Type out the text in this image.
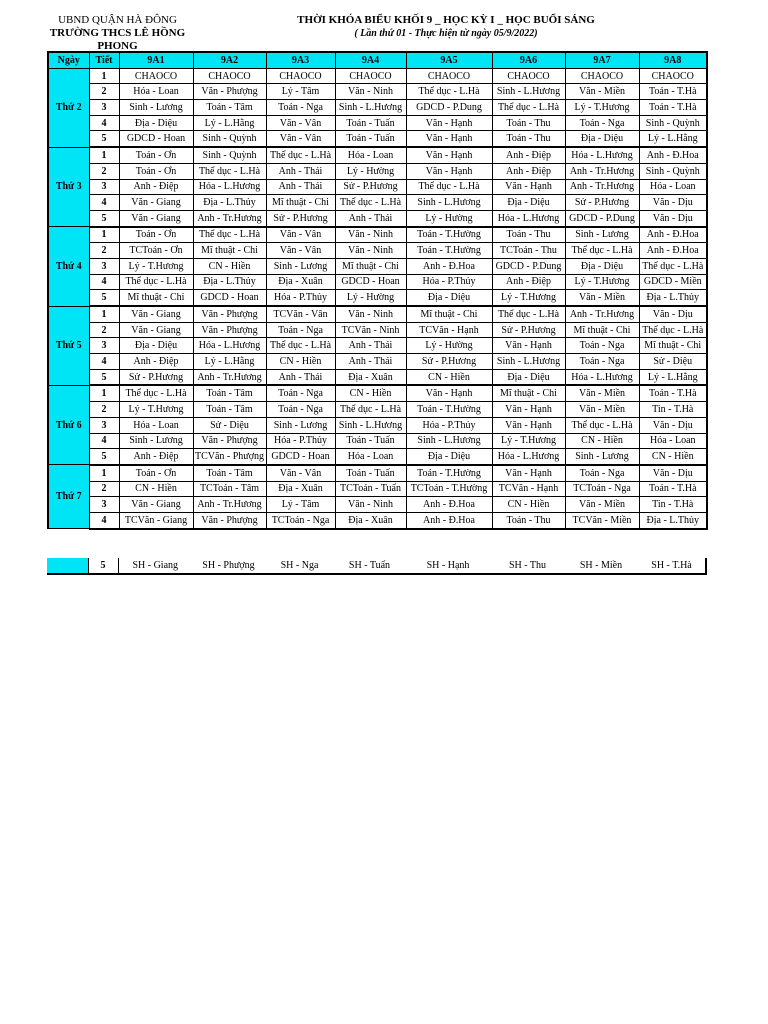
UBND QUẬN HÀ ĐÔNG
TRƯỜNG THCS LÊ HỒNG PHONG
THỜI KHÓA BIỂU KHỐI 9 _ HỌC KỲ I _ HỌC BUỔI SÁNG
( Lần thứ 01 - Thực hiện từ ngày 05/9/2022)
Ngày	Tiết	9A1	9A2	9A3	9A4	9A5	9A6	9A7	9A8
Thứ 2	1	CHAOCO	CHAOCO	CHAOCO	CHAOCO	CHAOCO	CHAOCO	CHAOCO	CHAOCO
	2	Hóa - Loan	Văn - Phượng	Lý - Tâm	Văn - Ninh	Thể dục - L.Hà	Sinh - L.Hương	Văn - Miền	Toán - T.Hà
	3	Sinh - Lương	Toán - Tâm	Toán - Nga	Sinh - L.Hương	GDCD - P.Dung	Thể dục - L.Hà	Lý - T.Hương	Toán - T.Hà
	4	Địa - Diệu	Lý - L.Hằng	Văn - Vân	Toán - Tuấn	Văn - Hạnh	Toán - Thu	Toán - Nga	Sinh - Quỳnh
	5	GDCD - Hoan	Sinh - Quỳnh	Văn - Vân	Toán - Tuấn	Văn - Hạnh	Toán - Thu	Địa - Diệu	Lý - L.Hằng
Thứ 3	1	Toán - Ơn	Sinh - Quỳnh	Thể dục - L.Hà	Hóa - Loan	Văn - Hạnh	Anh - Điệp	Hóa - L.Hương	Anh - Đ.Hoa
	2	Toán - Ơn	Thể dục - L.Hà	Anh - Thái	Lý - Hường	Văn - Hạnh	Anh - Điệp	Anh - Tr.Hương	Sinh - Quỳnh
	3	Anh - Điệp	Hóa - L.Hương	Anh - Thái	Sử - P.Hương	Thể dục - L.Hà	Văn - Hạnh	Anh - Tr.Hương	Hóa - Loan
	4	Văn - Giang	Địa - L.Thủy	Mĩ thuật - Chi	Thể dục - L.Hà	Sinh - L.Hương	Địa - Diệu	Sử - P.Hương	Văn - Dịu
	5	Văn - Giang	Anh - Tr.Hương	Sử - P.Hương	Anh - Thái	Lý - Hường	Hóa - L.Hương	GDCD - P.Dung	Văn - Dịu
Thứ 4	1	Toán - Ơn	Thể dục - L.Hà	Văn - Vân	Văn - Ninh	Toán - T.Hường	Toán - Thu	Sinh - Lương	Anh - Đ.Hoa
	2	TCToán - Ơn	Mĩ thuật - Chi	Văn - Vân	Văn - Ninh	Toán - T.Hường	TCToán - Thu	Thể dục - L.Hà	Anh - Đ.Hoa
	3	Lý - T.Hương	CN - Hiền	Sinh - Lương	Mĩ thuật - Chi	Anh - Đ.Hoa	GDCD - P.Dung	Địa - Diệu	Thể dục - L.Hà
	4	Thể dục - L.Hà	Địa - L.Thủy	Địa - Xuân	GDCD - Hoan	Hóa - P.Thủy	Anh - Điệp	Lý - T.Hương	GDCD - Miền
	5	Mĩ thuật - Chi	GDCD - Hoan	Hóa - P.Thủy	Lý - Hường	Địa - Diệu	Lý - T.Hương	Văn - Miền	Địa - L.Thủy
Thứ 5	1	Văn - Giang	Văn - Phượng	TCVăn - Vân	Văn - Ninh	Mĩ thuật - Chi	Thể dục - L.Hà	Anh - Tr.Hương	Văn - Dịu
	2	Văn - Giang	Văn - Phượng	Toán - Nga	TCVăn - Ninh	TCVăn - Hạnh	Sử - P.Hương	Mĩ thuật - Chi	Thể dục - L.Hà
	3	Địa - Diệu	Hóa - L.Hương	Thể dục - L.Hà	Anh - Thái	Lý - Hường	Văn - Hạnh	Toán - Nga	Mĩ thuật - Chi
	4	Anh - Điệp	Lý - L.Hằng	CN - Hiền	Anh - Thái	Sử - P.Hương	Sinh - L.Hương	Toán - Nga	Sử - Diệu
	5	Sử - P.Hương	Anh - Tr.Hương	Anh - Thái	Địa - Xuân	CN - Hiền	Địa - Diệu	Hóa - L.Hương	Lý - L.Hằng
Thứ 6	1	Thể dục - L.Hà	Toán - Tâm	Toán - Nga	CN - Hiền	Văn - Hạnh	Mĩ thuật - Chi	Văn - Miền	Toán - T.Hà
	2	Lý - T.Hương	Toán - Tâm	Toán - Nga	Thể dục - L.Hà	Toán - T.Hường	Văn - Hạnh	Văn - Miền	Tin - T.Hà
	3	Hóa - Loan	Sử - Diệu	Sinh - Lương	Sinh - L.Hương	Hóa - P.Thủy	Văn - Hạnh	Thể dục - L.Hà	Văn - Dịu
	4	Sinh - Lương	Văn - Phượng	Hóa - P.Thủy	Toán - Tuấn	Sinh - L.Hương	Lý - T.Hương	CN - Hiền	Hóa - Loan
	5	Anh - Điệp	TCVăn - Phượng	GDCD - Hoan	Hóa - Loan	Địa - Diệu	Hóa - L.Hương	Sinh - Lương	CN - Hiền
Thứ 7	1	Toán - Ơn	Toán - Tâm	Văn - Vân	Toán - Tuấn	Toán - T.Hường	Văn - Hạnh	Toán - Nga	Văn - Dịu
	2	CN - Hiền	TCToán - Tâm	Địa - Xuân	TCToán - Tuấn	TCToán - T.Hường	TCVăn - Hạnh	TCToán - Nga	Toán - T.Hà
	3	Văn - Giang	Anh - Tr.Hương	Lý - Tâm	Văn - Ninh	Anh - Đ.Hoa	CN - Hiền	Văn - Miền	Tin - T.Hà
	4	TCVăn - Giang	Văn - Phượng	TCToán - Nga	Địa - Xuân	Anh - Đ.Hoa	Toán - Thu	TCVăn - Miền	Địa - L.Thủy
	5	SH - Giang	SH - Phượng	SH - Nga	SH - Tuấn	SH - Hạnh	SH - Thu	SH - Miền	SH - T.Hà
